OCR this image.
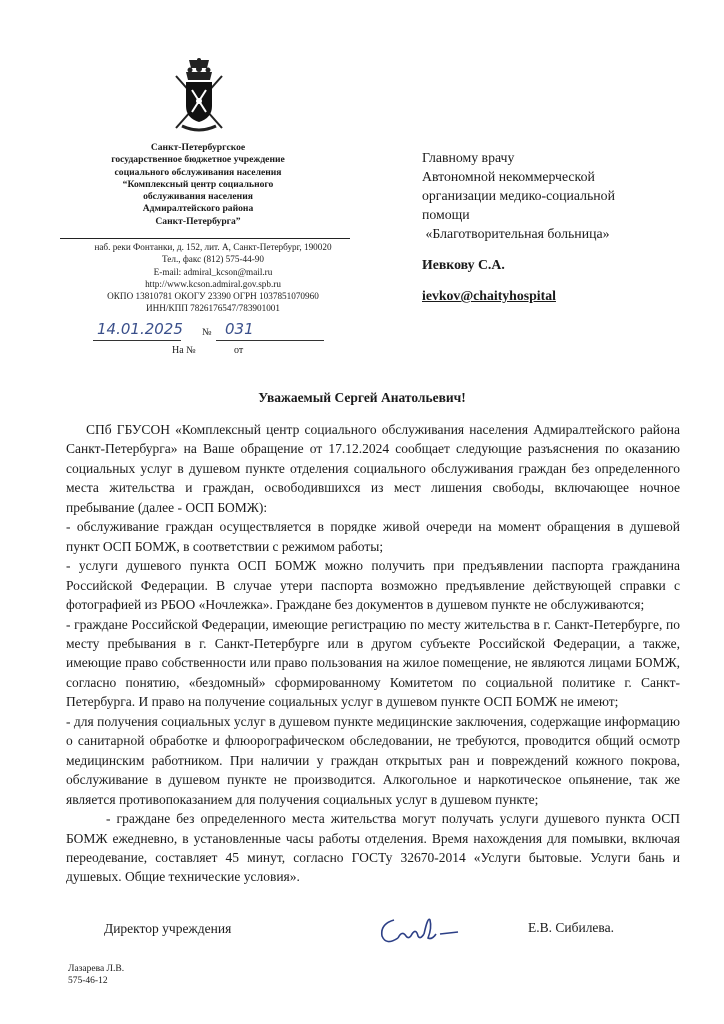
Санкт-Петербургское
государственное бюджетное учреждение
социального обслуживания населения
“Комплексный центр социального
обслуживания населения
Адмиралтейского района
Санкт-Петербурга”
наб. реки Фонтанки, д. 152, лит. А, Санкт-Петербург, 190020
Тел., факс (812) 575-44-90
E-mail: admiral_kcson@mail.ru
http://www.kcson.admiral.gov.spb.ru
ОКПО 13810781 ОКОГУ 23390 ОГРН 1037851070960
ИНН/КПП 7826176547/783901001
14.01.2025 № 031
На №	от
Главному врачу
Автономной некоммерческой
организации медико-социальной
помощи
«Благотворительная больница»
Иевкову С.А.
ievkov@chaityhospital
Уважаемый Сергей Анатольевич!

СПб ГБУСОН «Комплексный центр социального обслуживания населения Адмиралтейского района Санкт-Петербурга» на Ваше обращение от 17.12.2024 сообщает следующие разъяснения по оказанию социальных услуг в душевом пункте отделения социального обслуживания граждан без определенного места жительства и граждан, освободившихся из мест лишения свободы, включающее ночное пребывание (далее - ОСП БОМЖ):

- обслуживание граждан осуществляется в порядке живой очереди на момент обращения в душевой пункт ОСП БОМЖ, в соответствии с режимом работы;

- услуги душевого пункта ОСП БОМЖ можно получить при предъявлении паспорта гражданина Российской Федерации. В случае утери паспорта возможно предъявление действующей справки с фотографией из РБОО «Ночлежка». Граждане без документов в душевом пункте не обслуживаются;

- граждане Российской Федерации, имеющие регистрацию по месту жительства в г. Санкт-Петербурге, по месту пребывания в г. Санкт-Петербурге или в другом субъекте Российской Федерации, а также, имеющие право собственности или право пользования на жилое помещение, не являются лицами БОМЖ, согласно понятию, «бездомный» сформированному Комитетом по социальной политике г. Санкт-Петербурга. И право на получение социальных услуг в душевом пункте ОСП БОМЖ не имеют;

- для получения социальных услуг в душевом пункте медицинские заключения, содержащие информацию о санитарной обработке и флюорографическом обследовании, не требуются, проводится общий осмотр медицинским работником. При наличии у граждан открытых ран и повреждений кожного покрова, обслуживание в душевом пункте не производится. Алкогольное и наркотическое опьянение, так же является противопоказанием для получения социальных услуг в душевом пункте;

- граждане без определенного места жительства могут получать услуги душевого пункта ОСП БОМЖ ежедневно, в установленные часы работы отделения. Время нахождения для помывки, включая переодевание, составляет 45 минут, согласно ГОСТу 32670-2014 «Услуги бытовые. Услуги бань и душевых. Общие технические условия».

Директор учреждения	Е.В. Сибилева.
Лазарева Л.В.
575-46-12
